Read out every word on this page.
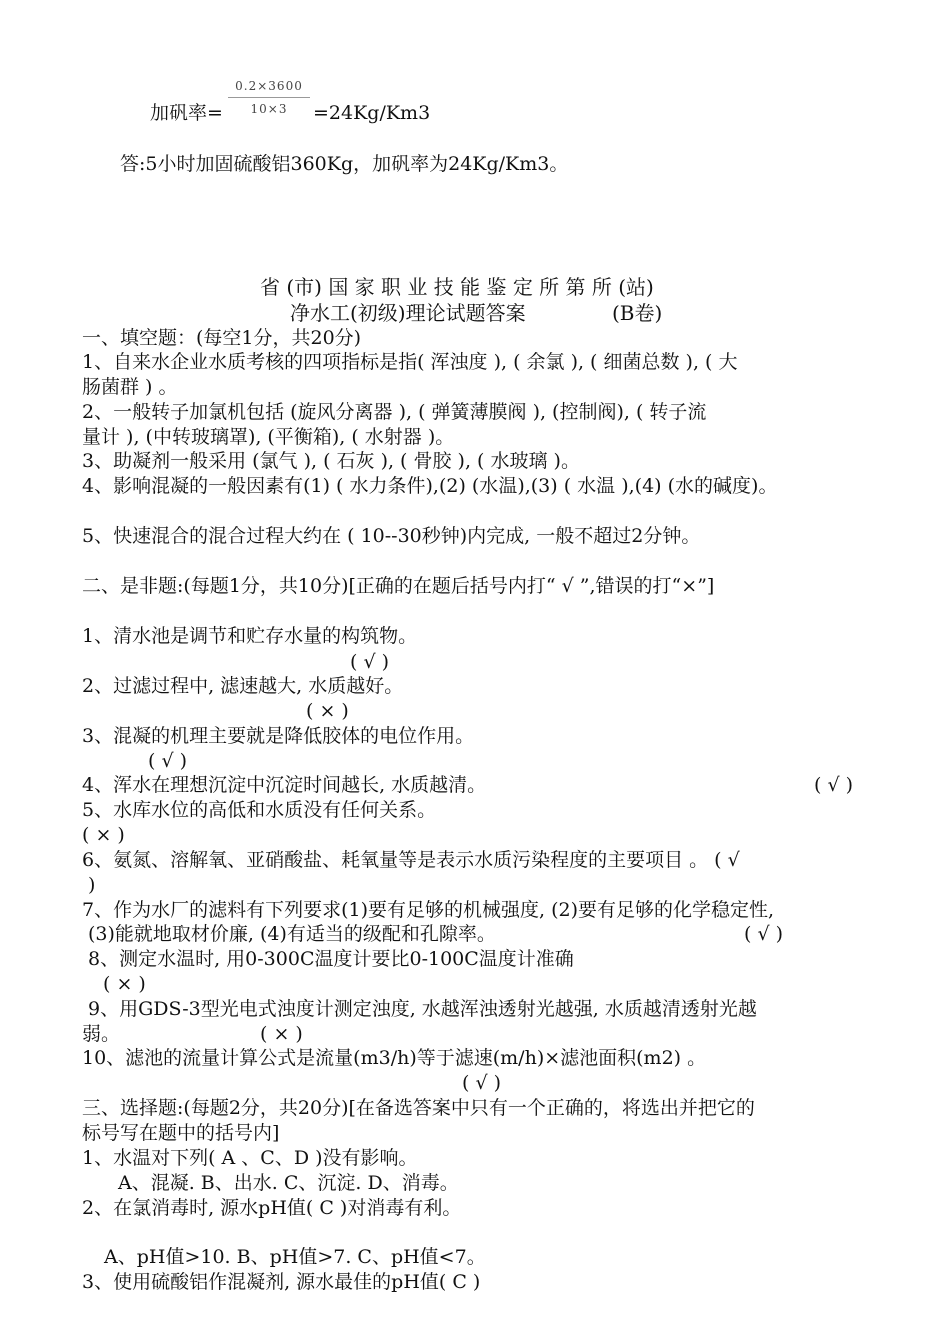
加矾率=
0.2×3600
10×3	=24Kg/Km3
答:5小时加固硫酸铝360Kg，加矾率为24Kg/Km3。
省 (市) 国 家 职 业 技 能 鉴 定 所 第 所 (站)
净水工(初级)理论试题答案	(B卷)
一、填空题：(每空1分，共20分)
1、自来水企业水质考核的四项指标是指( 浑浊度 ), ( 余氯 ), ( 细菌总数 ), ( 大
肠菌群 ) 。
2、一般转子加氯机包括 (旋风分离器 ), ( 弹簧薄膜阀 ), (控制阀), ( 转子流
量计 ), (中转玻璃罩), (平衡箱), ( 水射器 )。
3、助凝剂一般采用 (氯气 ), ( 石灰 ), ( 骨胶 ), ( 水玻璃 )。
4、影响混凝的一般因素有(1) ( 水力条件),(2) (水温),(3) ( 水温 ),(4) (水的碱度)。
5、快速混合的混合过程大约在 ( 10--30秒钟)内完成, 一般不超过2分钟。
二、是非题:(每题1分，共10分)[正确的在题后括号内打“ √ ”,错误的打“×”]
1、清水池是调节和贮存水量的构筑物。
( √ )
2、过滤过程中, 滤速越大, 水质越好。
( × )
3、混凝的机理主要就是降低胶体的电位作用。
( √ )
4、浑水在理想沉淀中沉淀时间越长, 水质越清。	( √ )
5、水库水位的高低和水质没有任何关系。
( × )
6、氨氮、溶解氧、亚硝酸盐、耗氧量等是表示水质污染程度的主要项目 。 ( √
)
7、作为水厂的滤料有下列要求(1)要有足够的机械强度, (2)要有足够的化学稳定性,
(3)能就地取材价廉, (4)有适当的级配和孔隙率。	( √ )
8、测定水温时, 用0-300C温度计要比0-100C温度计准确
( × )
9、用GDS-3型光电式浊度计测定浊度, 水越浑浊透射光越强, 水质越清透射光越
弱。	( × )
10、滤池的流量计算公式是流量(m3/h)等于滤速(m/h)×滤池面积(m2) 。
( √ )
三、选择题:(每题2分，共20分)[在备选答案中只有一个正确的，将选出并把它的
标号写在题中的括号内]
1、水温对下列( A 、C、D )没有影响。
A、混凝. B、出水. C、沉淀. D、消毒。
2、在氯消毒时, 源水pH值( C )对消毒有利。
A、pH值>10. B、pH值>7. C、pH值<7。
3、使用硫酸铝作混凝剂, 源水最佳的pH值( C )
